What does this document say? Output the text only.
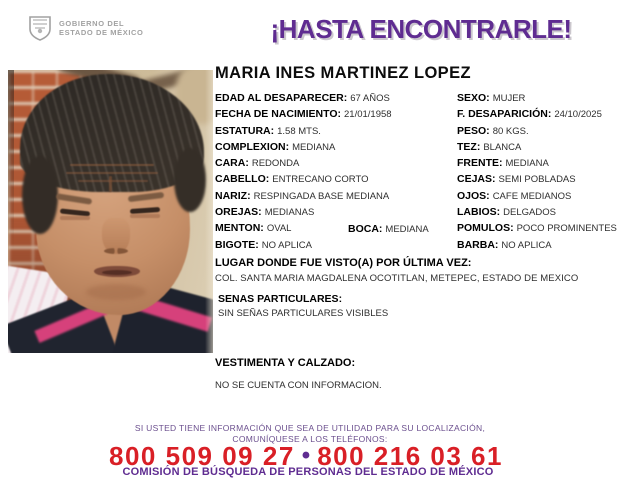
GOBIERNO DEL
ESTADO DE MÉXICO	¡HASTA ENCONTRARLE!
MARIA INES MARTINEZ LOPEZ
EDAD AL DESAPARECER: 67 AÑOS
FECHA DE NACIMIENTO: 21/01/1958
ESTATURA: 1.58 MTS.
COMPLEXION: MEDIANA
CARA: REDONDA
CABELLO: ENTRECANO CORTO
NARIZ: RESPINGADA BASE MEDIANA
OREJAS: MEDIANAS
MENTON: OVAL
BIGOTE: NO APLICA
BOCA: MEDIANA
SEXO: MUJER
F. DESAPARICIÓN: 24/10/2025
PESO: 80 KGS.
TEZ: BLANCA
FRENTE: MEDIANA
CEJAS: SEMI POBLADAS
OJOS: CAFE MEDIANOS
LABIOS: DELGADOS
POMULOS: POCO PROMINENTES
BARBA: NO APLICA
LUGAR DONDE FUE VISTO(A) POR ÚLTIMA VEZ:
COL. SANTA MARIA MAGDALENA OCOTITLAN, METEPEC, ESTADO DE MEXICO
SENAS PARTICULARES:
SIN SEÑAS PARTICULARES VISIBLES
VESTIMENTA Y CALZADO:
NO SE CUENTA CON INFORMACION.
SI USTED TIENE INFORMACIÓN QUE SEA DE UTILIDAD PARA SU LOCALIZACIÓN,
COMUNÍQUESE A LOS TELÉFONOS:
800 509 09 27 • 800 216 03 61
COMISIÓN DE BÚSQUEDA DE PERSONAS DEL ESTADO DE MÉXICO
